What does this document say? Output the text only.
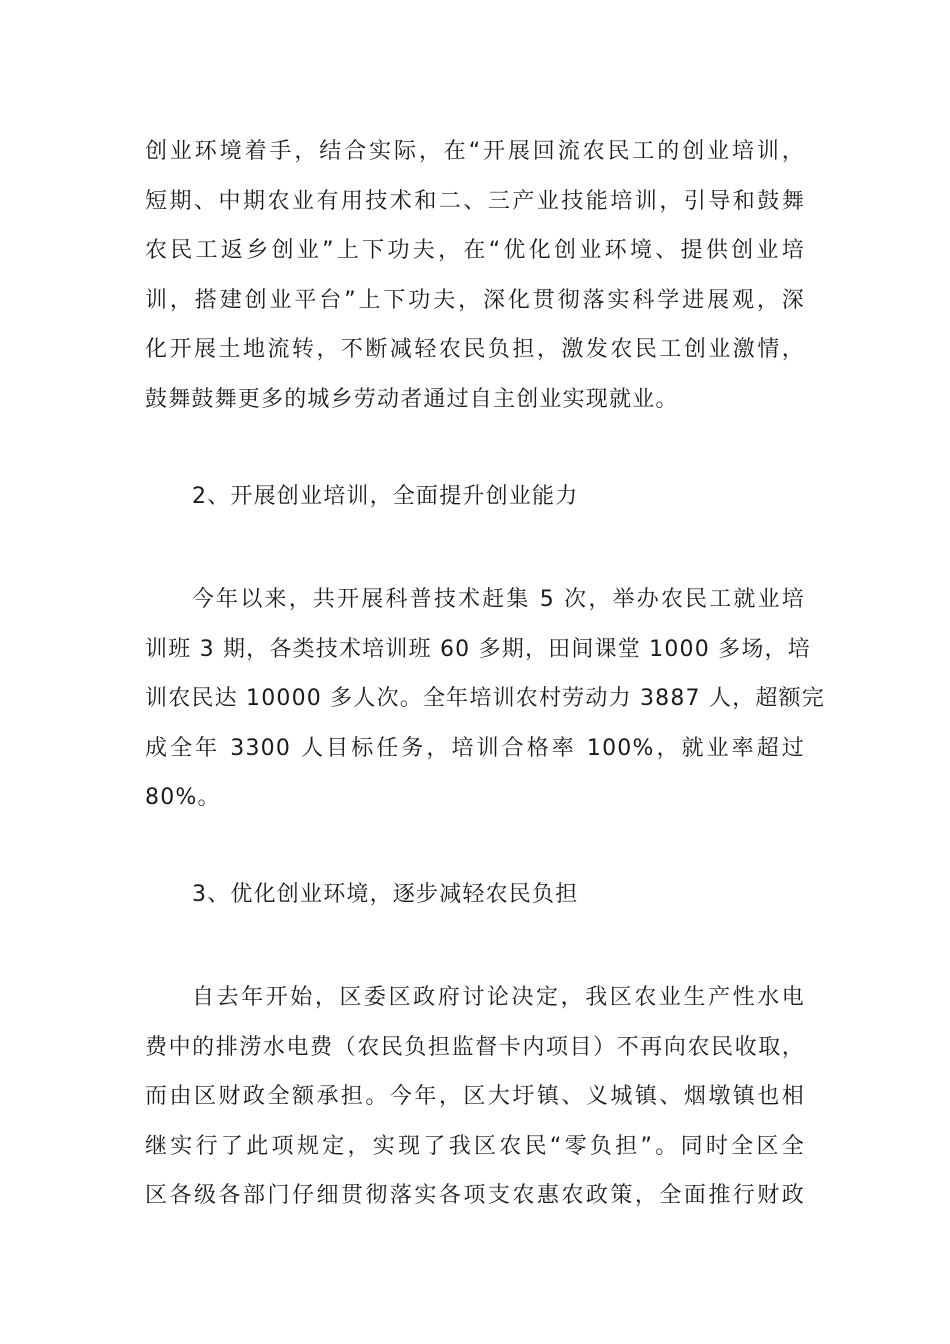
创业环境着手，结合实际，在“开展回流农民工的创业培训，
短期、中期农业有用技术和二、三产业技能培训，引导和鼓舞
农民工返乡创业”上下功夫，在“优化创业环境、提供创业培
训，搭建创业平台”上下功夫，深化贯彻落实科学进展观，深
化开展土地流转，不断减轻农民负担，激发农民工创业激情，
鼓舞鼓舞更多的城乡劳动者通过自主创业实现就业。

2、开展创业培训，全面提升创业能力

今年以来，共开展科普技术赶集 5 次，举办农民工就业培
训班 3 期，各类技术培训班 60 多期，田间课堂 1000 多场，培
训农民达 10000 多人次。全年培训农村劳动力 3887 人，超额完
成全年 3300 人目标任务，培训合格率 100%，就业率超过
80%。

3、优化创业环境，逐步减轻农民负担

自去年开始，区委区政府讨论决定，我区农业生产性水电
费中的排涝水电费（农民负担监督卡内项目）不再向农民收取，
而由区财政全额承担。今年，区大圩镇、义城镇、烟墩镇也相
继实行了此项规定，实现了我区农民“零负担”。同时全区全
区各级各部门仔细贯彻落实各项支农惠农政策，全面推行财政
